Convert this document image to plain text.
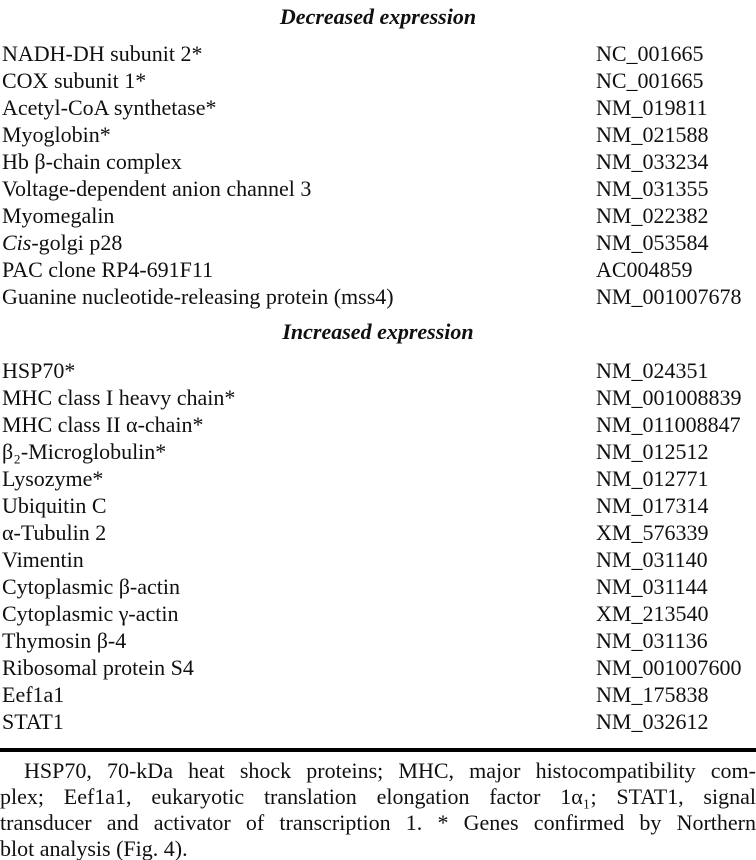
Decreased expression
NADH-DH subunit 2*	NC_001665
COX subunit 1*	NC_001665
Acetyl-CoA synthetase*	NM_019811
Myoglobin*	NM_021588
Hb β-chain complex	NM_033234
Voltage-dependent anion channel 3	NM_031355
Myomegalin	NM_022382
Cis-golgi p28	NM_053584
PAC clone RP4-691F11	AC004859
Guanine nucleotide-releasing protein (mss4)	NM_001007678
Increased expression
HSP70*	NM_024351
MHC class I heavy chain*	NM_001008839
MHC class II α-chain*	NM_011008847
β₂-Microglobulin*	NM_012512
Lysozyme*	NM_012771
Ubiquitin C	NM_017314
α-Tubulin 2	XM_576339
Vimentin	NM_031140
Cytoplasmic β-actin	NM_031144
Cytoplasmic γ-actin	XM_213540
Thymosin β-4	NM_031136
Ribosomal protein S4	NM_001007600
Eef1a1	NM_175838
STAT1	NM_032612
HSP70, 70-kDa heat shock proteins; MHC, major histocompatibility com-
plex; Eef1a1, eukaryotic translation elongation factor 1α₁; STAT1, signal
transducer and activator of transcription 1. * Genes confirmed by Northern
blot analysis (Fig. 4).
